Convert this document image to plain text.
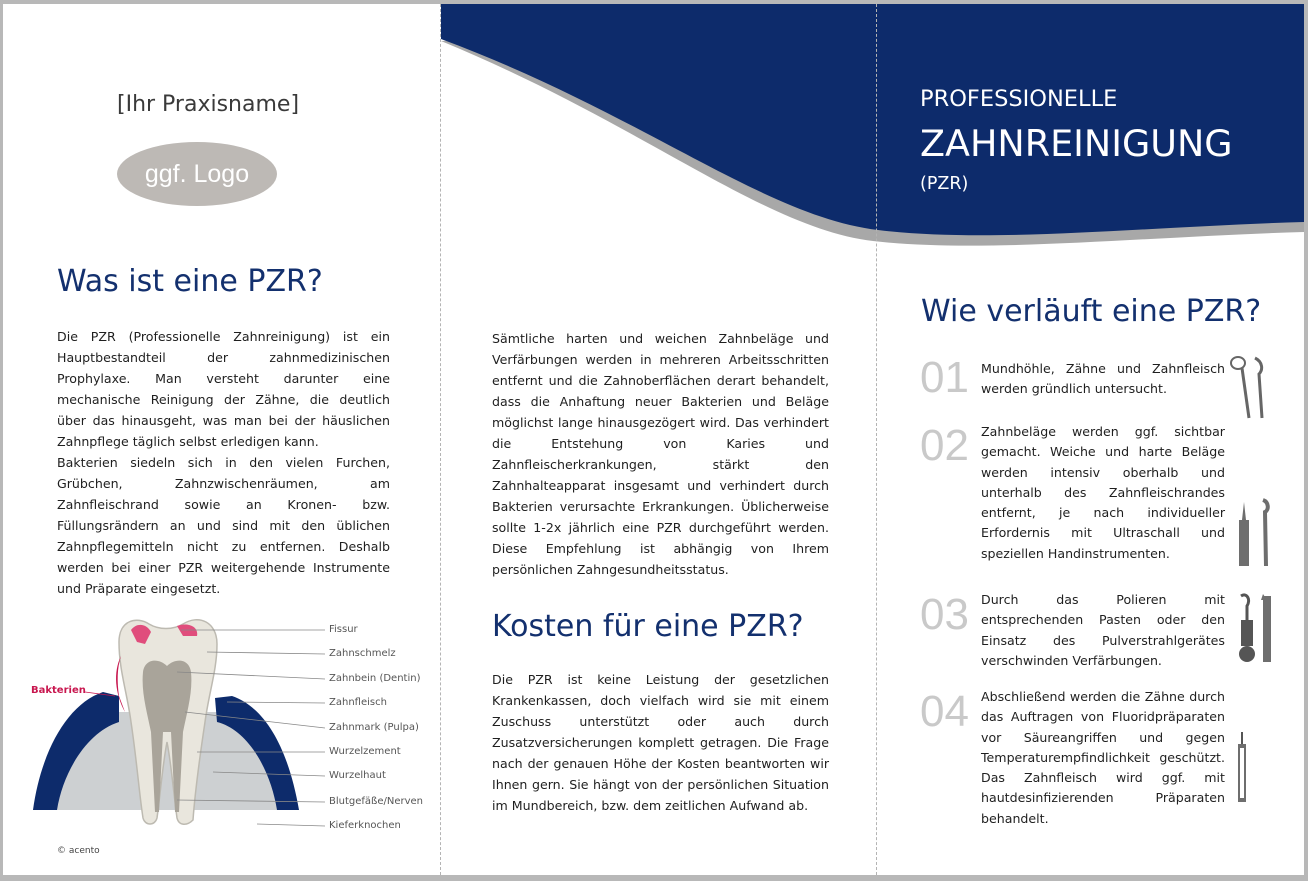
[Ihr Praxisname]
ggf. Logo
Was ist eine PZR?

Die PZR (Professionelle Zahnreinigung) ist ein Hauptbestandteil der zahnmedizinischen Prophylaxe. Man versteht darunter eine mechanische Reinigung der Zähne, die deutlich über das hinausgeht, was man bei der häuslichen Zahnpflege täglich selbst erledigen kann.

Bakterien siedeln sich in den vielen Furchen, Grübchen, Zahnzwischenräumen, am Zahnfleischrand sowie an Kronen- bzw. Füllungsrändern an und sind mit den üblichen Zahnpflegemitteln nicht zu entfernen. Deshalb werden bei einer PZR weitergehende Instrumente und Präparate eingesetzt.

Bakterien
Fissur
Zahnschmelz
Zahnbein (Dentin)
Zahnfleisch
Zahnmark (Pulpa)
Wurzelzement
Wurzelhaut
Blutgefäße/Nerven
Kieferknochen
© acento

Sämtliche harten und weichen Zahnbeläge und Verfärbungen werden in mehreren Arbeitsschritten entfernt und die Zahnoberflächen derart behandelt, dass die Anhaftung neuer Bakterien und Beläge möglichst lange hinausgezögert wird. Das verhindert die Entstehung von Karies und Zahnfleischerkrankungen, stärkt den Zahnhalteapparat insgesamt und verhindert durch Bakterien verursachte Erkrankungen. Üblicherweise sollte 1-2x jährlich eine PZR durchgeführt werden. Diese Empfehlung ist abhängig von Ihrem persönlichen Zahngesundheitsstatus.

Kosten für eine PZR?

Die PZR ist keine Leistung der gesetzlichen Krankenkassen, doch vielfach wird sie mit einem Zuschuss unterstützt oder auch durch Zusatzversicherungen komplett getragen. Die Frage nach der genauen Höhe der Kosten beantworten wir Ihnen gern. Sie hängt von der persönlichen Situation im Mundbereich, bzw. dem zeitlichen Aufwand ab.

PROFESSIONELLE
ZAHNREINIGUNG
(PZR)
Wie verläuft eine PZR?
01 Mundhöhle, Zähne und Zahnfleisch werden gründlich untersucht.

02 Zahnbeläge werden ggf. sichtbar gemacht. Weiche und harte Beläge werden intensiv oberhalb und unterhalb des Zahnfleischrandes entfernt, je nach individueller Erfordernis mit Ultraschall und speziellen Handinstrumenten.

03 Durch das Polieren mit entsprechenden Pasten oder den Einsatz des Pulverstrahlgerätes verschwinden Verfärbungen.

04 Abschließend werden die Zähne durch das Auftragen von Fluoridpräparaten vor Säureangriffen und gegen Temperaturempfindlichkeit geschützt. Das Zahnfleisch wird ggf. mit hautdesinfizierenden Präparaten behandelt.
